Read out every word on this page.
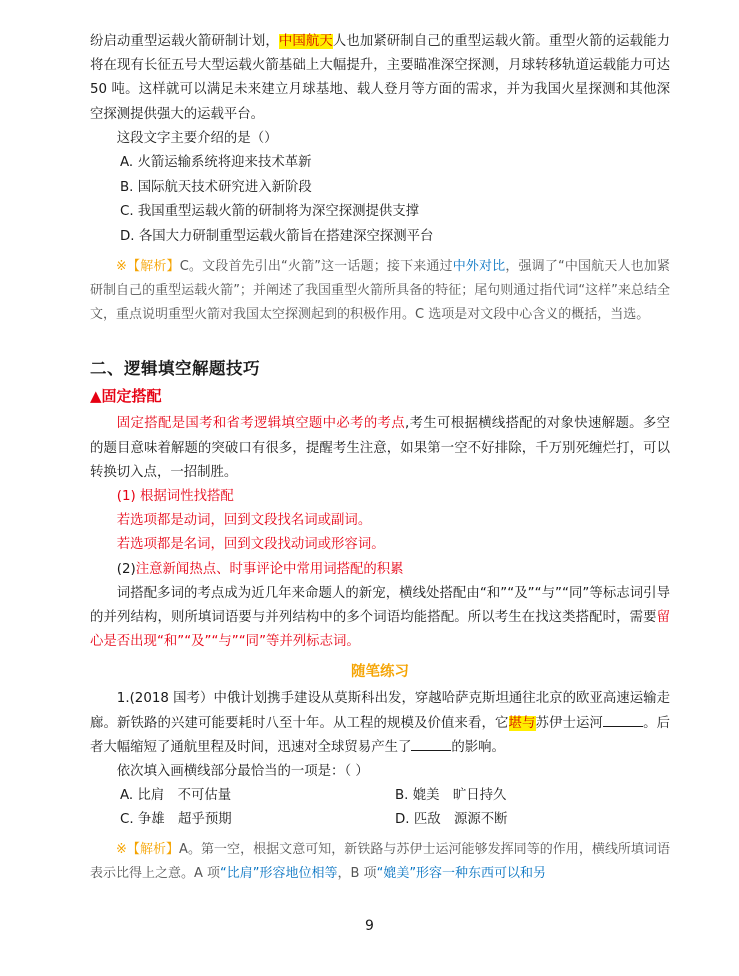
纷启动重型运载火箭研制计划，中国航天人也加紧研制自己的重型运载火箭。重型火箭的运载能力将在现有长征五号大型运载火箭基础上大幅提升，主要瞄准深空探测，月球转移轨道运载能力可达 50 吨。这样就可以满足未来建立月球基地、载人登月等方面的需求，并为我国火星探测和其他深空探测提供强大的运载平台。

这段文字主要介绍的是（）

A. 火箭运输系统将迎来技术革新

B. 国际航天技术研究进入新阶段

C. 我国重型运载火箭的研制将为深空探测提供支撑

D. 各国大力研制重型运载火箭旨在搭建深空探测平台

※【解析】C。文段首先引出“火箭”这一话题；接下来通过中外对比，强调了“中国航天人也加紧研制自己的重型运载火箭”；并阐述了我国重型火箭所具备的特征；尾句则通过指代词“这样”来总结全文，重点说明重型火箭对我国太空探测起到的积极作用。C 选项是对文段中心含义的概括，当选。

二、逻辑填空解题技巧
▲固定搭配

固定搭配是国考和省考逻辑填空题中必考的考点,考生可根据横线搭配的对象快速解题。多空的题目意味着解题的突破口有很多，提醒考生注意，如果第一空不好排除，千万别死缠烂打，可以转换切入点，一招制胜。

(1) 根据词性找搭配

若选项都是动词，回到文段找名词或副词。

若选项都是名词，回到文段找动词或形容词。

(2)注意新闻热点、时事评论中常用词搭配的积累

词搭配多词的考点成为近几年来命题人的新宠，横线处搭配由“和”“及”“与”“同”等标志词引导的并列结构，则所填词语要与并列结构中的多个词语均能搭配。所以考生在找这类搭配时，需要留心是否出现“和”“及”“与”“同”等并列标志词。

随笔练习

1.(2018 国考）中俄计划携手建设从莫斯科出发，穿越哈萨克斯坦通往北京的欧亚高速运输走廊。新铁路的兴建可能要耗时八至十年。从工程的规模及价值来看，它堪与苏伊士运河	。后者大幅缩短了通航里程及时间，迅速对全球贸易产生了	的影响。

依次填入画横线部分最恰当的一项是：（ ）

A. 比肩　不可估量	B. 媲美　旷日持久
C. 争雄　超乎预期	D. 匹敌　源源不断

※【解析】A。第一空，根据文意可知，新铁路与苏伊士运河能够发挥同等的作用，横线所填词语表示比得上之意。A 项“比肩”形容地位相等，B 项“媲美”形容一种东西可以和另

9
